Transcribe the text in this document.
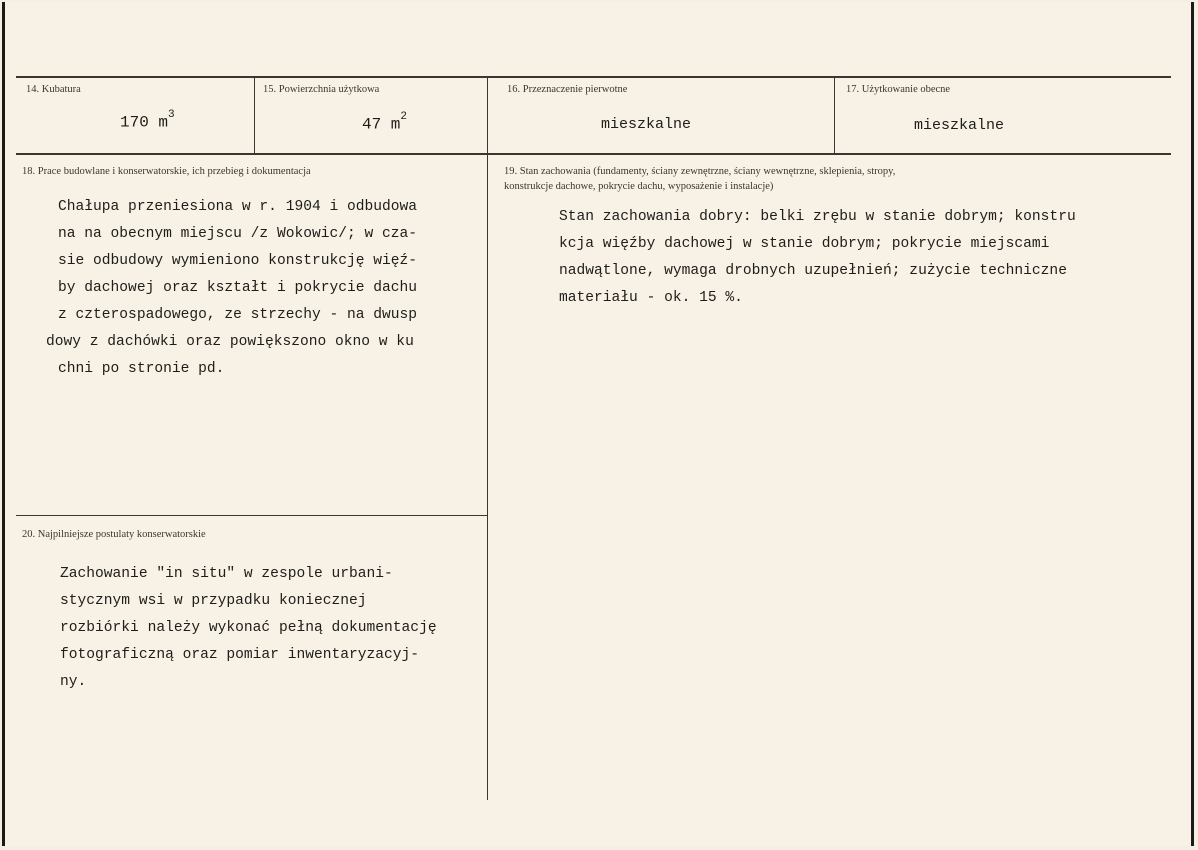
14. Kubatura
170 $m^3$
15. Powierzchnia użytkowa
47 $m^2$
16. Przeznaczenie pierwotne
mieszkalne
17. Użytkowanie obecne
mieszkalne
18. Prace budowlane i konserwatorskie, ich przebieg i dokumentacja
Chałupa przeniesiona w r. 1904 i odbudowa
na na obecnym miejscu /z Wokowic/; w cza-
sie odbudowy wymieniono konstrukcję więź-
by dachowej oraz kształt i pokrycie dachu
z czterospadowego, ze strzechy - na dwusp
dowy z dachówki oraz powiększono okno w ku
chni po stronie pd.
19. Stan zachowania (fundamenty, ściany zewnętrzne, ściany wewnętrzne, sklepienia, stropy,
konstrukcje dachowe, pokrycie dachu, wyposażenie i instalacje)
Stan zachowania dobry: belki zrębu w stanie dobrym; konstru
kcja więźby dachowej w stanie dobrym; pokrycie miejscami
nadwątlone, wymaga drobnych uzupełnień; zużycie techniczne
materiału - ok. 15 %.
20. Najpilniejsze postulaty konserwatorskie
Zachowanie "in situ" w zespole urbani-
stycznym wsi w przypadku koniecznej
rozbiórki należy wykonać pełną dokumentację
fotograficzną oraz pomiar inwentaryzacyj-
ny.
